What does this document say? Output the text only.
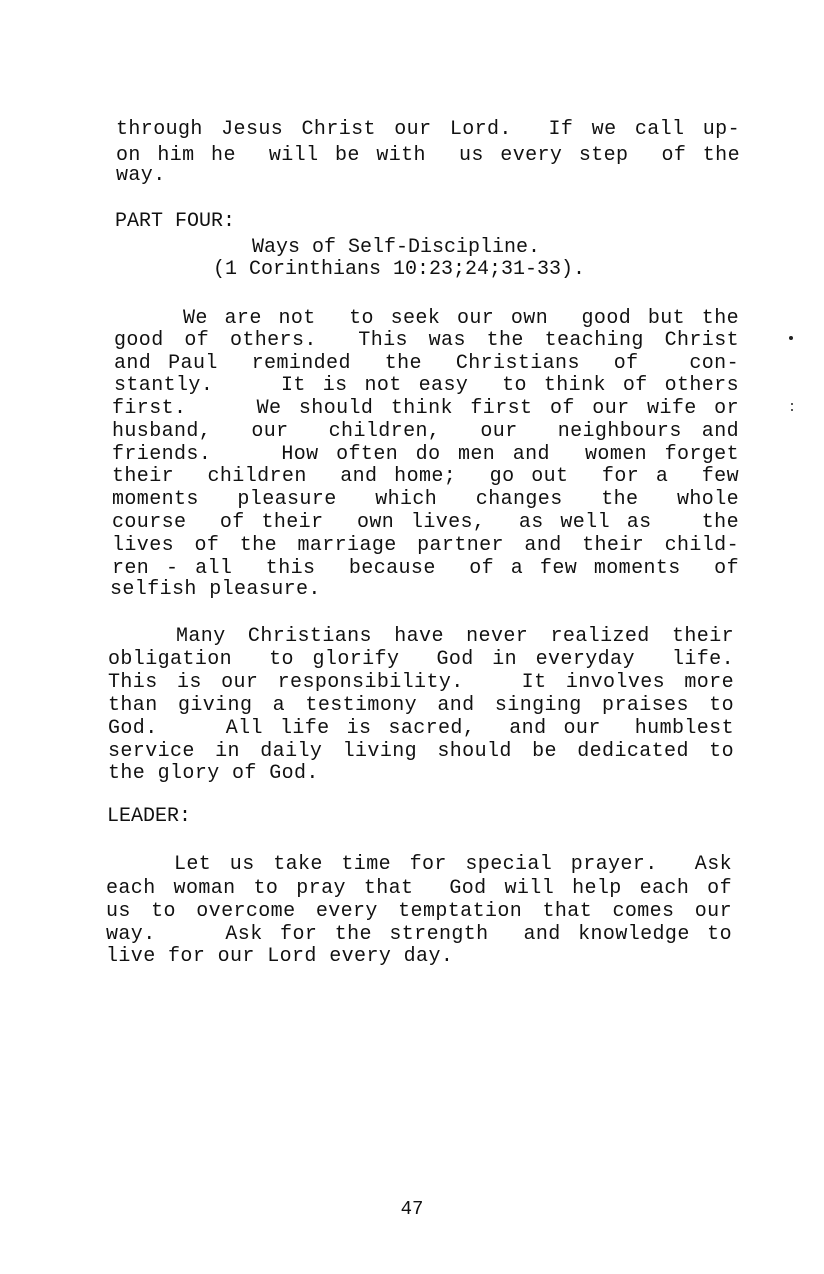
through Jesus Christ our Lord.  If we call up-
on him he  will be with  us every step  of the
way.
PART FOUR:
Ways of Self-Discipline.
(1 Corinthians 10:23;24;31-33).
We are not  to seek our own  good but the
good of others.  This was the teaching Christ
and Paul  reminded  the  Christians  of   con-
stantly.    It is not easy  to think of others
first.    We should think first of our wife or
husband,  our  children,  our  neighbours and
friends.    How often do men and  women forget
their  children  and home;  go out  for a  few
moments  pleasure  which  changes  the  whole
course  of their  own lives,  as well as   the
lives of the marriage partner and their child-
ren - all  this  because  of a few moments  of
selfish pleasure.
Many Christians have never realized their
obligation  to glorify  God in everyday  life.
This is our responsibility.   It involves more
than giving a testimony and singing praises to
God.    All life is sacred,  and our  humblest
service in daily living should be dedicated to
the glory of God.
LEADER:
Let us take time for special prayer.  Ask
each woman to pray that  God will help each of
us to overcome every temptation that comes our
way.    Ask for the strength  and knowledge to
live for our Lord every day.
47
